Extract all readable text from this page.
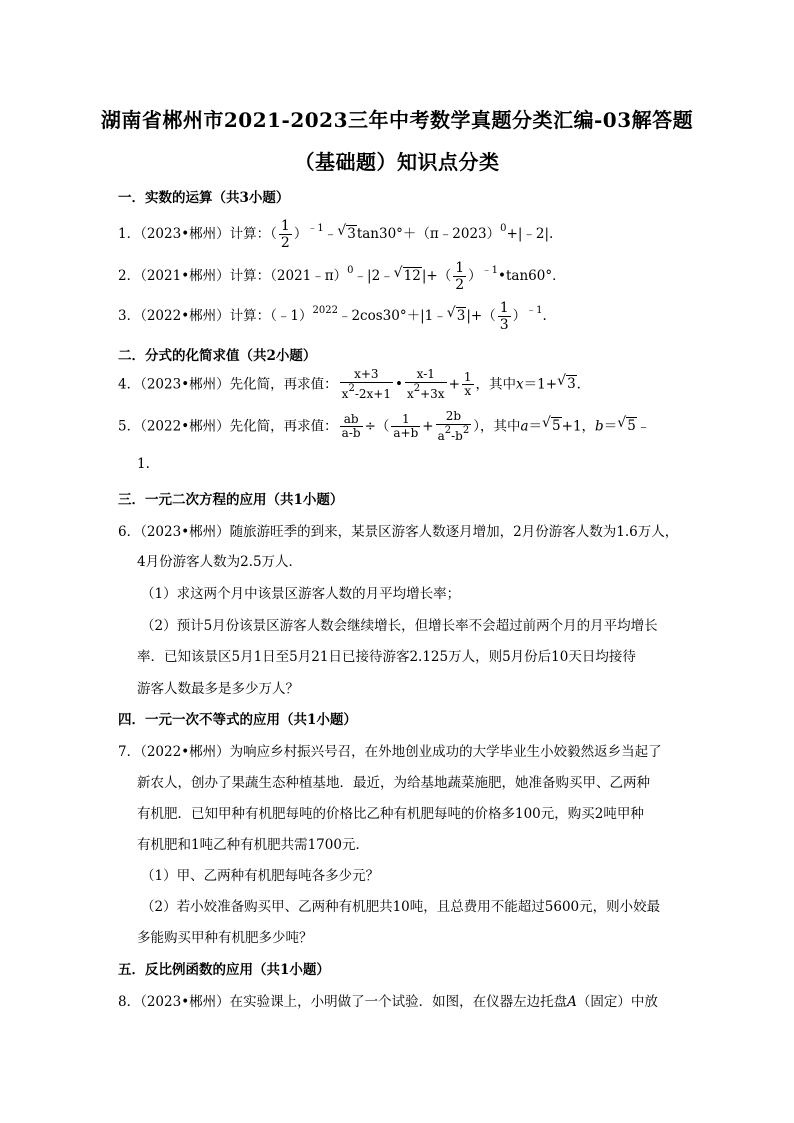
湖南省郴州市2021-2023三年中考数学真题分类汇编-03解答题
（基础题）知识点分类
一．实数的运算（共3小题）
1．（2023•郴州）计算：（ $\frac{1}{2}$ ）$^{﹣1}$﹣ √ 3tan30°＋（π﹣2023）$^0$+|﹣2|.
2．（2021•郴州）计算：（2021﹣π）$^0$﹣|2﹣ √ $12|+( \frac{1}{2}$ ）$^{﹣1}•\tan 60^\circ$．
3．（2022•郴州）计算：（﹣1）$^{2022}$﹣2cos30°＋|1﹣ √ $3|+( \frac{1}{3} )^{﹣1}$.
二．分式的化简求值（共2小题）
4．（2023•郴州）先化简，再求值： $\frac{x+3}{x^2-2x+1}$ • $\frac{x-1}{x^2+3x} + \frac{1}{x}$ ，其中x＝1+ √ 3.
5．（2022•郴州）先化简，再求值： $\frac{ab}{a-b}$ ÷（ $\frac{1}{a+b} + \frac{2b}{a^2-b^2}$ ），其中a＝ √ 5+1，b＝ √ 5﹣
1.
三．一元二次方程的应用（共1小题）
6．（2023•郴州）随旅游旺季的到来，某景区游客人数逐月增加，2月份游客人数为1.6万人，
4月份游客人数为2.5万人．
（1）求这两个月中该景区游客人数的月平均增长率；
（2）预计5月份该景区游客人数会继续增长，但增长率不会超过前两个月的月平均增长
率．已知该景区5月1日至5月21日已接待游客2.125万人，则5月份后10天日均接待
游客人数最多是多少万人？
四．一元一次不等式的应用（共1小题）
7．（2022•郴州）为响应乡村振兴号召，在外地创业成功的大学毕业生小姣毅然返乡当起了
新农人，创办了果蔬生态种植基地．最近，为给基地蔬菜施肥，她准备购买甲、乙两种
有机肥．已知甲种有机肥每吨的价格比乙种有机肥每吨的价格多100元，购买2吨甲种
有机肥和1吨乙种有机肥共需1700元．
（1）甲、乙两种有机肥每吨各多少元？
（2）若小姣准备购买甲、乙两种有机肥共10吨，且总费用不能超过5600元，则小姣最
多能购买甲种有机肥多少吨？
五．反比例函数的应用（共1小题）
8．（2023•郴州）在实验课上，小明做了一个试验．如图，在仪器左边托盘A（固定）中放
